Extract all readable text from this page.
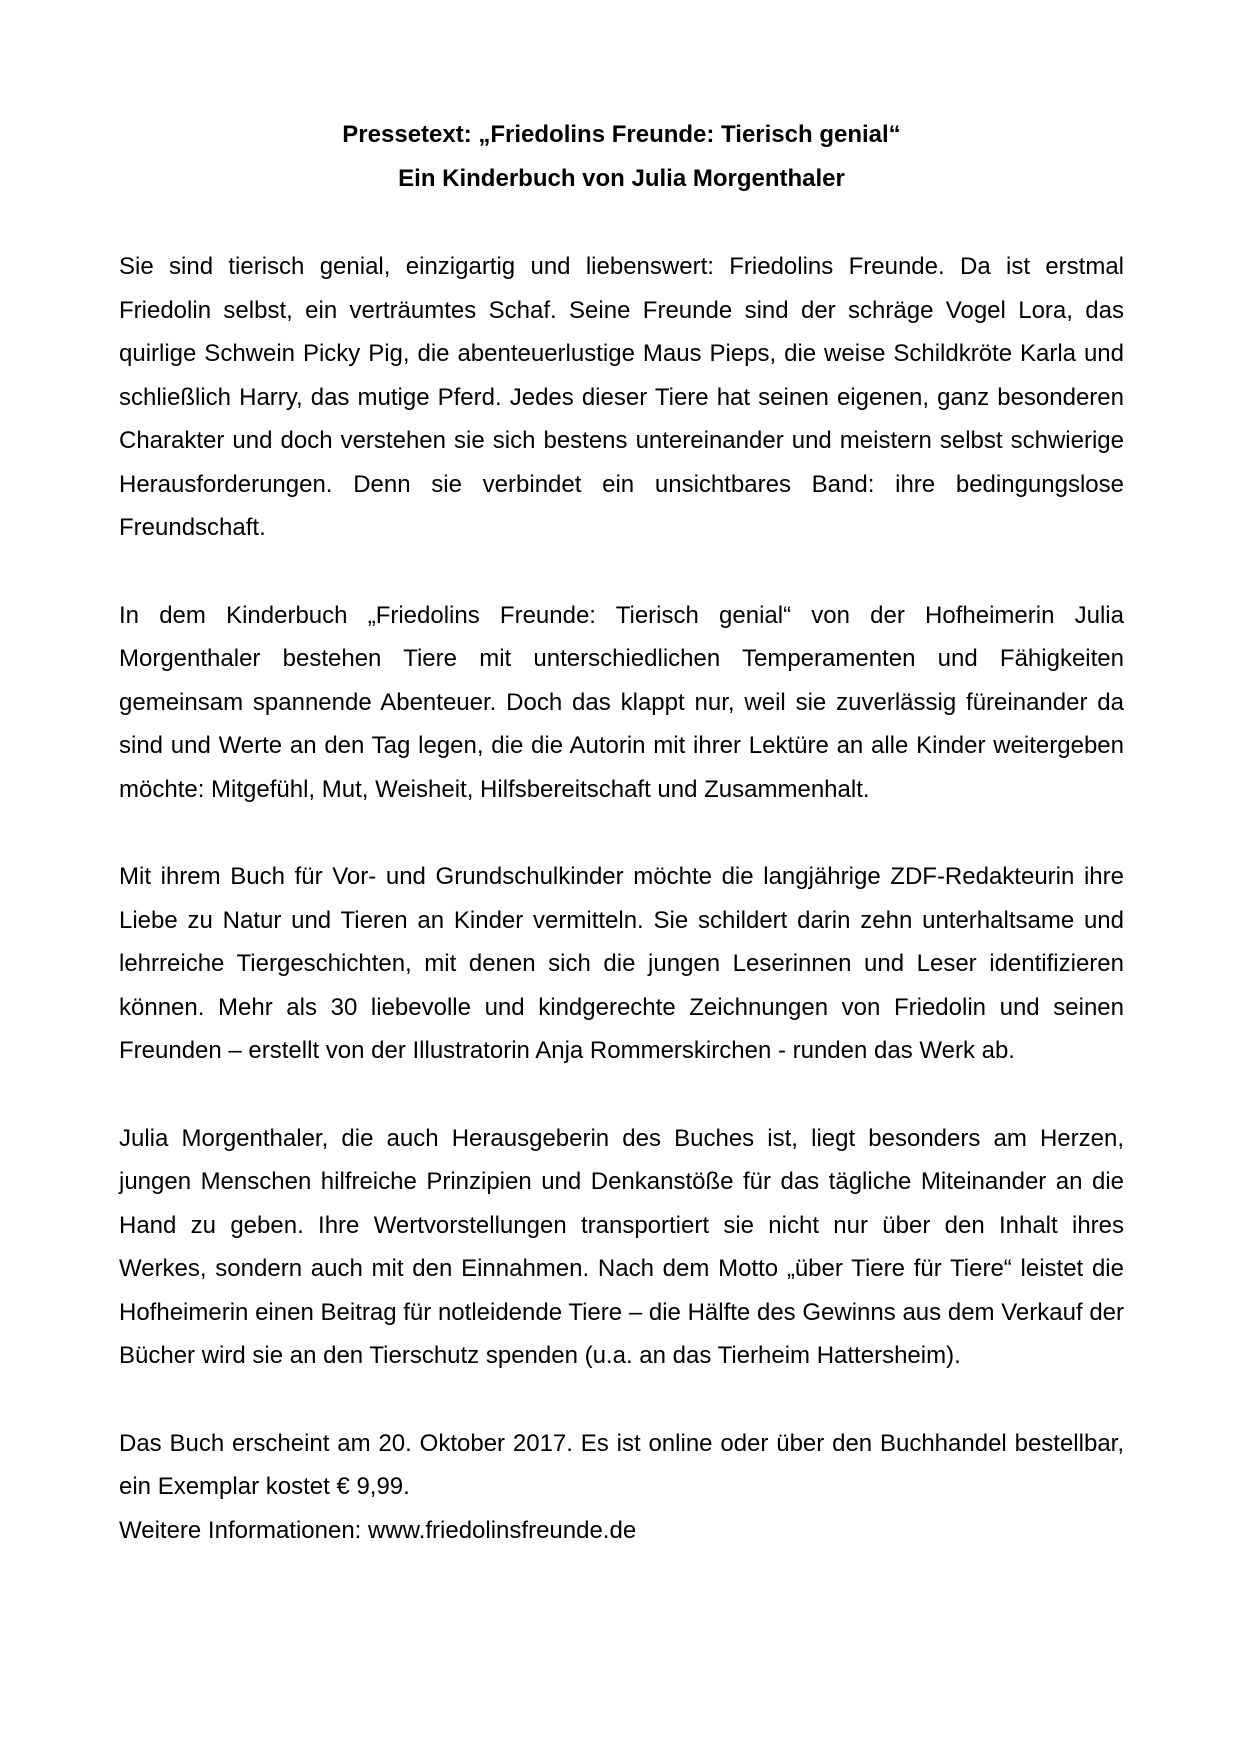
Pressetext: „Friedolins Freunde: Tierisch genial“
Ein Kinderbuch von Julia Morgenthaler

Sie sind tierisch genial, einzigartig und liebenswert: Friedolins Freunde. Da ist erstmal Friedolin selbst, ein verträumtes Schaf. Seine Freunde sind der schräge Vogel Lora, das quirlige Schwein Picky Pig, die abenteuerlustige Maus Pieps, die weise Schildkröte Karla und schließlich Harry, das mutige Pferd. Jedes dieser Tiere hat seinen eigenen, ganz besonderen Charakter und doch verstehen sie sich bestens untereinander und meistern selbst schwierige Herausforderungen. Denn sie verbindet ein unsichtbares Band: ihre bedingungslose Freundschaft.

In dem Kinderbuch „Friedolins Freunde: Tierisch genial“ von der Hofheimerin Julia Morgenthaler bestehen Tiere mit unterschiedlichen Temperamenten und Fähigkeiten gemeinsam spannende Abenteuer. Doch das klappt nur, weil sie zuverlässig füreinander da sind und Werte an den Tag legen, die die Autorin mit ihrer Lektüre an alle Kinder weitergeben möchte: Mitgefühl, Mut, Weisheit, Hilfsbereitschaft und Zusammenhalt.

Mit ihrem Buch für Vor- und Grundschulkinder möchte die langjährige ZDF-Redakteurin ihre Liebe zu Natur und Tieren an Kinder vermitteln. Sie schildert darin zehn unterhaltsame und lehrreiche Tiergeschichten, mit denen sich die jungen Leserinnen und Leser identifizieren können. Mehr als 30 liebevolle und kindgerechte Zeichnungen von Friedolin und seinen Freunden – erstellt von der Illustratorin Anja Rommerskirchen - runden das Werk ab.

Julia Morgenthaler, die auch Herausgeberin des Buches ist, liegt besonders am Herzen, jungen Menschen hilfreiche Prinzipien und Denkanstöße für das tägliche Miteinander an die Hand zu geben. Ihre Wertvorstellungen transportiert sie nicht nur über den Inhalt ihres Werkes, sondern auch mit den Einnahmen. Nach dem Motto „über Tiere für Tiere“ leistet die Hofheimerin einen Beitrag für notleidende Tiere – die Hälfte des Gewinns aus dem Verkauf der Bücher wird sie an den Tierschutz spenden (u.a. an das Tierheim Hattersheim).

Das Buch erscheint am 20. Oktober 2017. Es ist online oder über den Buchhandel bestellbar, ein Exemplar kostet € 9,99.

Weitere Informationen: www.friedolinsfreunde.de
